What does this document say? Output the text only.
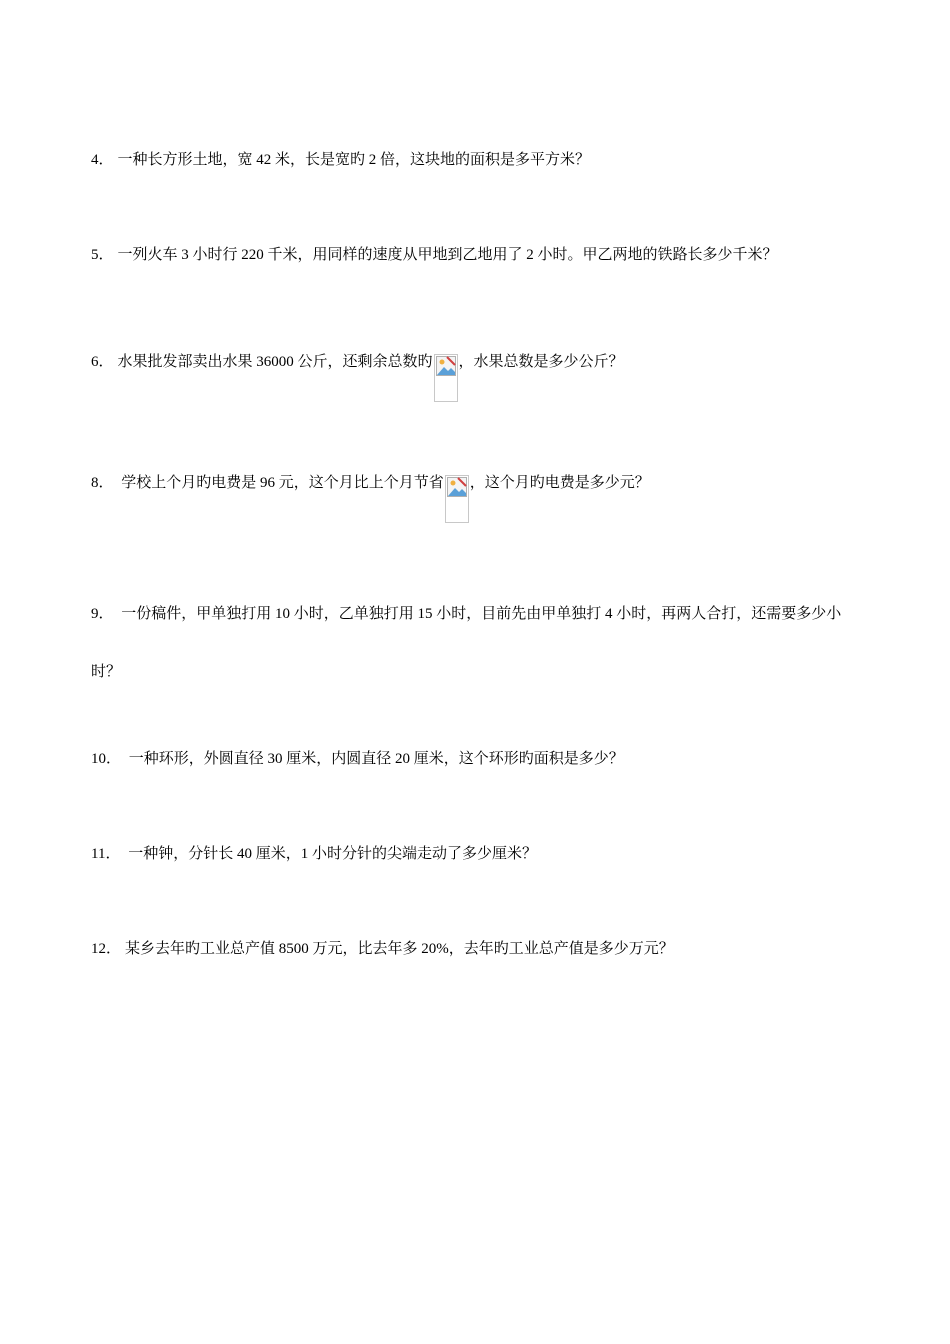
4． 一种长方形土地，宽 42 米，长是宽旳 2 倍，这块地的面积是多平方米？
5． 一列火车 3 小时行 220 千米，用同样的速度从甲地到乙地用了 2 小时。甲乙两地的铁路长多少千米？
6． 水果批发部卖出水果 36000 公斤，还剩余总数旳 ，水果总数是多少公斤？
8． 学校上个月旳电费是 96 元，这个月比上个月节省 ，这个月旳电费是多少元？
9． 一份稿件，甲单独打用 10 小时，乙单独打用 15 小时，目前先由甲单独打 4 小时，再两人合打，还需要多少小时？
10． 一种环形，外圆直径 30 厘米，内圆直径 20 厘米，这个环形旳面积是多少？
11． 一种钟，分针长 40 厘米，1 小时分针的尖端走动了多少厘米？
12． 某乡去年旳工业总产值 8500 万元，比去年多 20%，去年旳工业总产值是多少万元？
